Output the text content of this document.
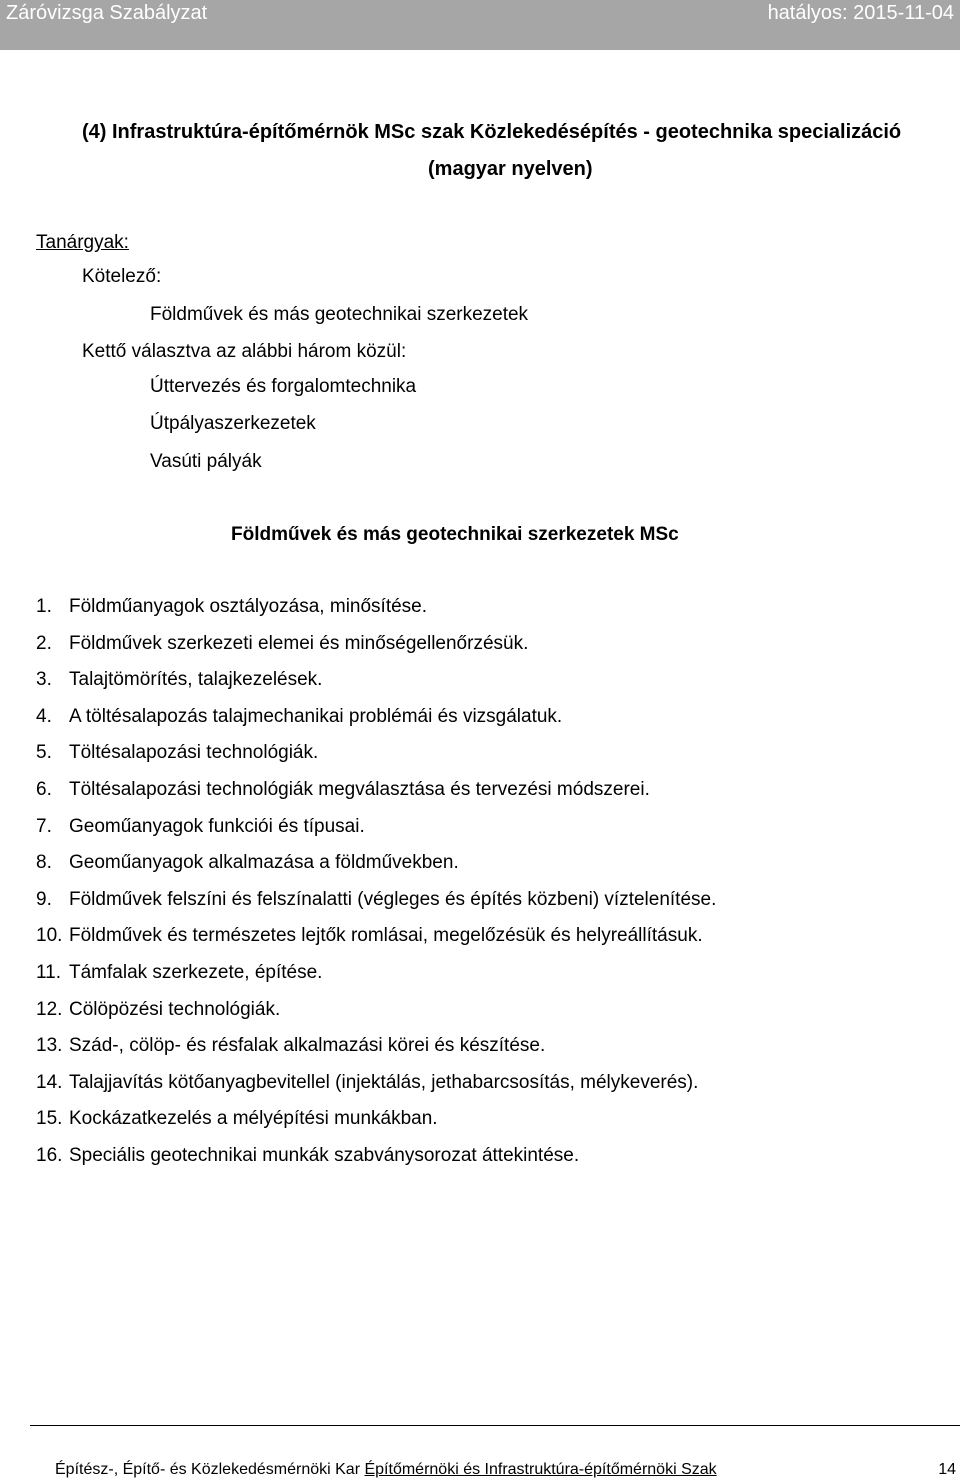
Záróvizsga Szabályzat	hatályos: 2015-11-04
(4) Infrastruktúra-építőmérnök MSc szak Közlekedésépítés - geotechnika specializáció
(magyar nyelven)
Tanárgyak:
Kötelező:
Földművek és más geotechnikai szerkezetek
Kettő választva az alábbi három közül:
Úttervezés és forgalomtechnika
Útpályaszerkezetek
Vasúti pályák
Földművek és más geotechnikai szerkezetek MSc
1. Földműanyagok osztályozása, minősítése.
2. Földművek szerkezeti elemei és minőségellenőrzésük.
3. Talajtömörítés, talajkezelések.
4. A töltésalapozás talajmechanikai problémái és vizsgálatuk.
5. Töltésalapozási technológiák.
6. Töltésalapozási technológiák megválasztása és tervezési módszerei.
7. Geoműanyagok funkciói és típusai.
8. Geoműanyagok alkalmazása a földművekben.
9. Földművek felszíni és felszínalatti (végleges és építés közbeni) víztelenítése.
10. Földművek és természetes lejtők romlásai, megelőzésük és helyreállításuk.
11. Támfalak szerkezete, építése.
12. Cölöpözési technológiák.
13. Szád-, cölöp- és résfalak alkalmazási körei és készítése.
14. Talajjavítás kötőanyagbevitellel (injektálás, jethabarcsosítás, mélykeverés).
15. Kockázatkezelés a mélyépítési munkákban.
16. Speciális geotechnikai munkák szabványsorozat áttekintése.
Építész-, Építő- és Közlekedésmérnöki Kar Építőmérnöki és Infrastruktúra-építőmérnöki Szak	14
